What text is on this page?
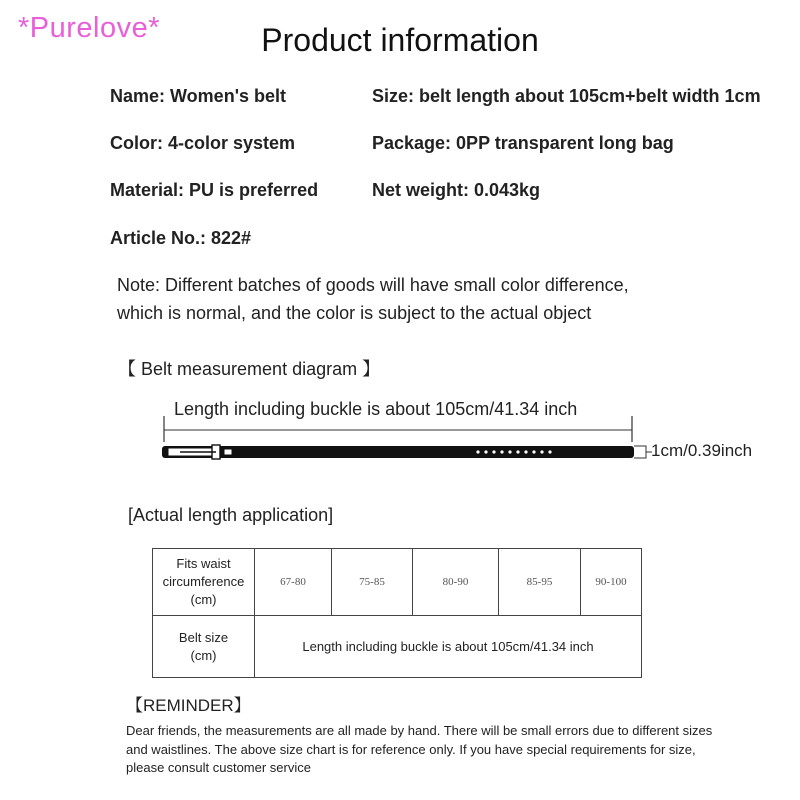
*Purelove*	Product information
Name: Women's belt	Size: belt length about 105cm+belt width 1cm
Color: 4-color system	Package: 0PP transparent long bag
Material: PU is preferred	Net weight: 0.043kg
Article No.: 822#
Note: Different batches of goods will have small color difference,
which is normal, and the color is subject to the actual object
【 Belt measurement diagram 】
Length including buckle is about 105cm/41.34 inch
1cm/0.39inch
[Actual length application]
Fits waist
circumference
(cm)	67-80	75-85	80-90	85-95	90-100

Belt size
(cm)	Length including buckle is about 105cm/41.34 inch				
【REMINDER】
Dear friends, the measurements are all made by hand. There will be small errors due to different sizes
and waistlines. The above size chart is for reference only. If you have special requirements for size,
please consult customer service
